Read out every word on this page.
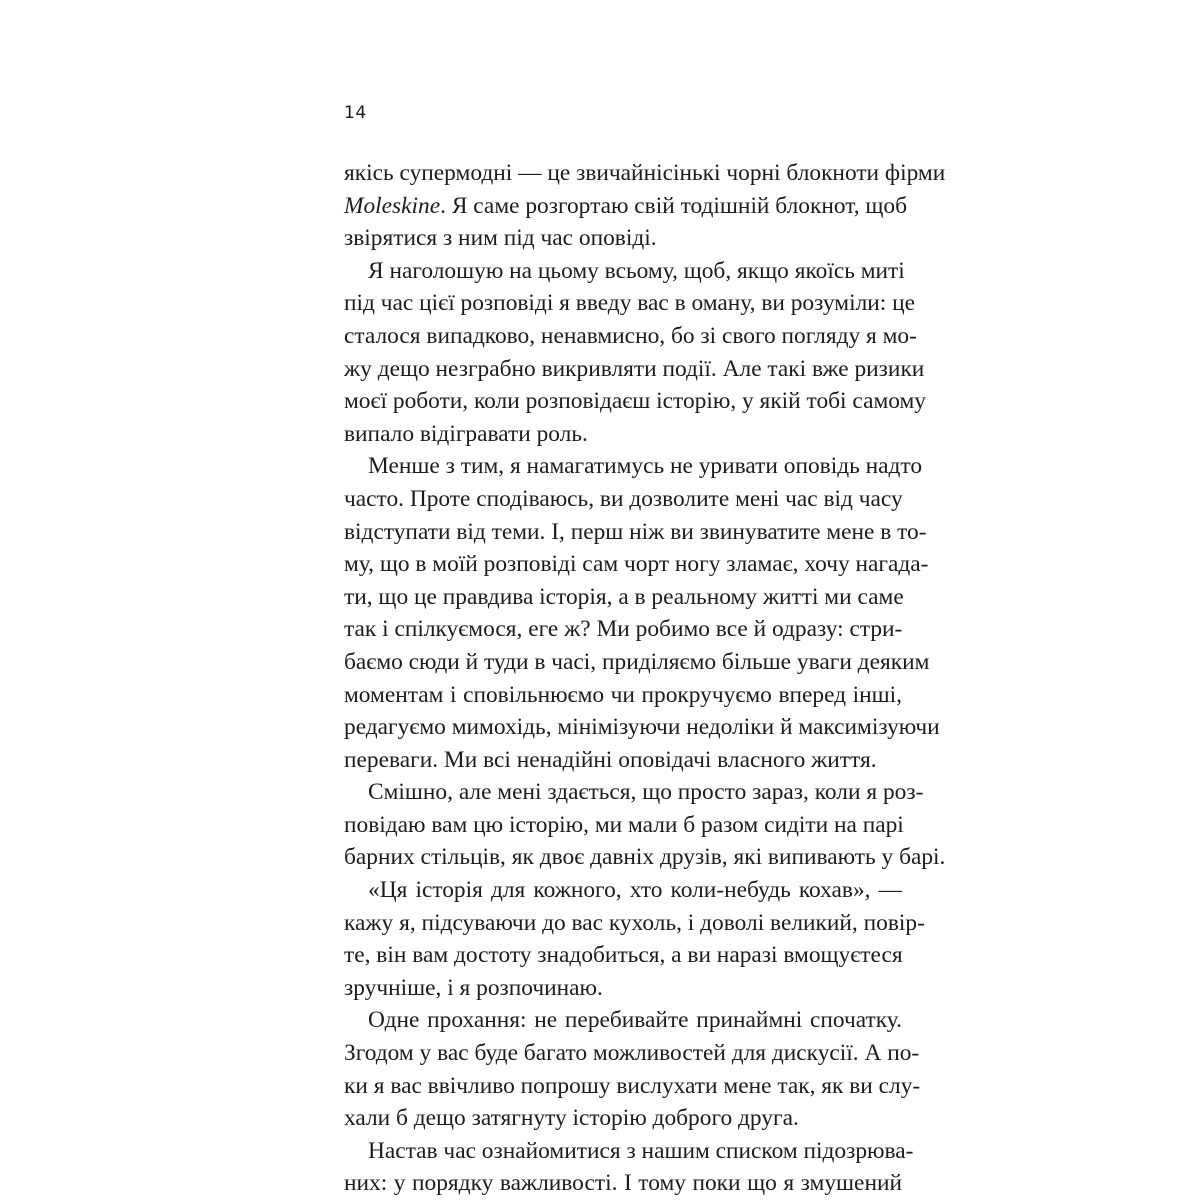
14
якісь супермодні — це звичайнісінькі чорні блокноти фірми
Moleskine. Я саме розгортаю свій тодішній блокнот, щоб
звірятися з ним під час оповіді.
Я наголошую на цьому всьому, щоб, якщо якоїсь миті
під час цієї розповіді я введу вас в оману, ви розуміли: це
сталося випадково, ненавмисно, бо зі свого погляду я мо-
жу дещо незграбно викривляти події. Але такі вже ризики
моєї роботи, коли розповідаєш історію, у якій тобі самому
випало відігравати роль.
Менше з тим, я намагатимусь не уривати оповідь надто
часто. Проте сподіваюсь, ви дозволите мені час від часу
відступати від теми. І, перш ніж ви звинуватите мене в то-
му, що в моїй розповіді сам чорт ногу зламає, хочу нагада-
ти, що це правдива історія, а в реальному житті ми саме
так і спілкуємося, еге ж? Ми робимо все й одразу: стри-
баємо сюди й туди в часі, приділяємо більше уваги деяким
моментам і сповільнюємо чи прокручуємо вперед інші,
редагуємо мимохідь, мінімізуючи недоліки й максимізуючи
переваги. Ми всі ненадійні оповідачі власного життя.
Смішно, але мені здається, що просто зараз, коли я роз-
повідаю вам цю історію, ми мали б разом сидіти на парі
барних стільців, як двоє давніх друзів, які випивають у барі.
«Ця історія для кожного, хто коли-небудь кохав», —
кажу я, підсуваючи до вас кухоль, і доволі великий, повір-
те, він вам достоту знадобиться, а ви наразі вмощуєтеся
зручніше, і я розпочинаю.
Одне прохання: не перебивайте принаймні спочатку.
Згодом у вас буде багато можливостей для дискусії. А по-
ки я вас ввічливо попрошу вислухати мене так, як ви слу-
хали б дещо затягнуту історію доброго друга.
Настав час ознайомитися з нашим списком підозрюва-
них: у порядку важливості. І тому поки що я змушений
